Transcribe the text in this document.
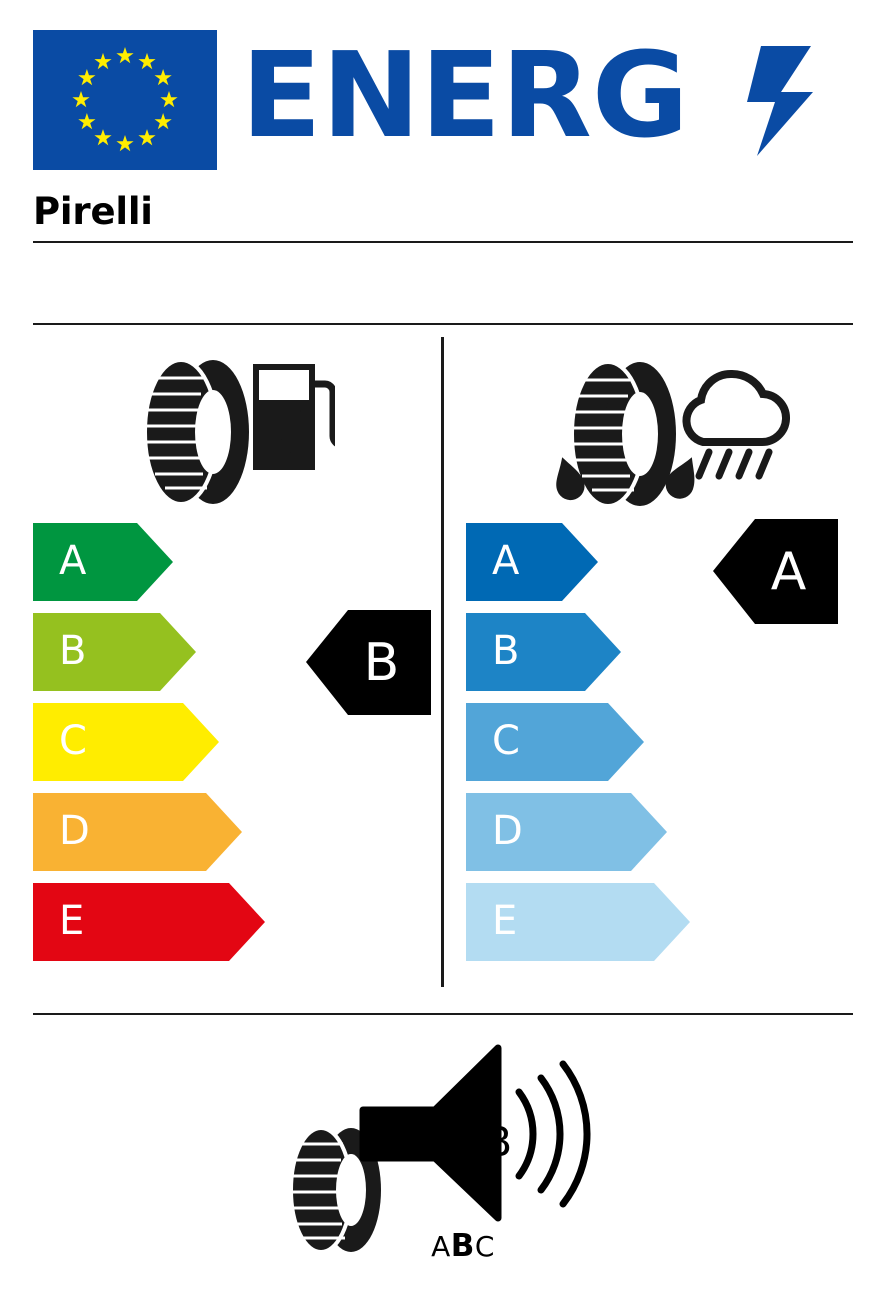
ENERG
Pirelli
A
B
C
D
E
A
B
C
D
E
B
A
72dB
ABC
